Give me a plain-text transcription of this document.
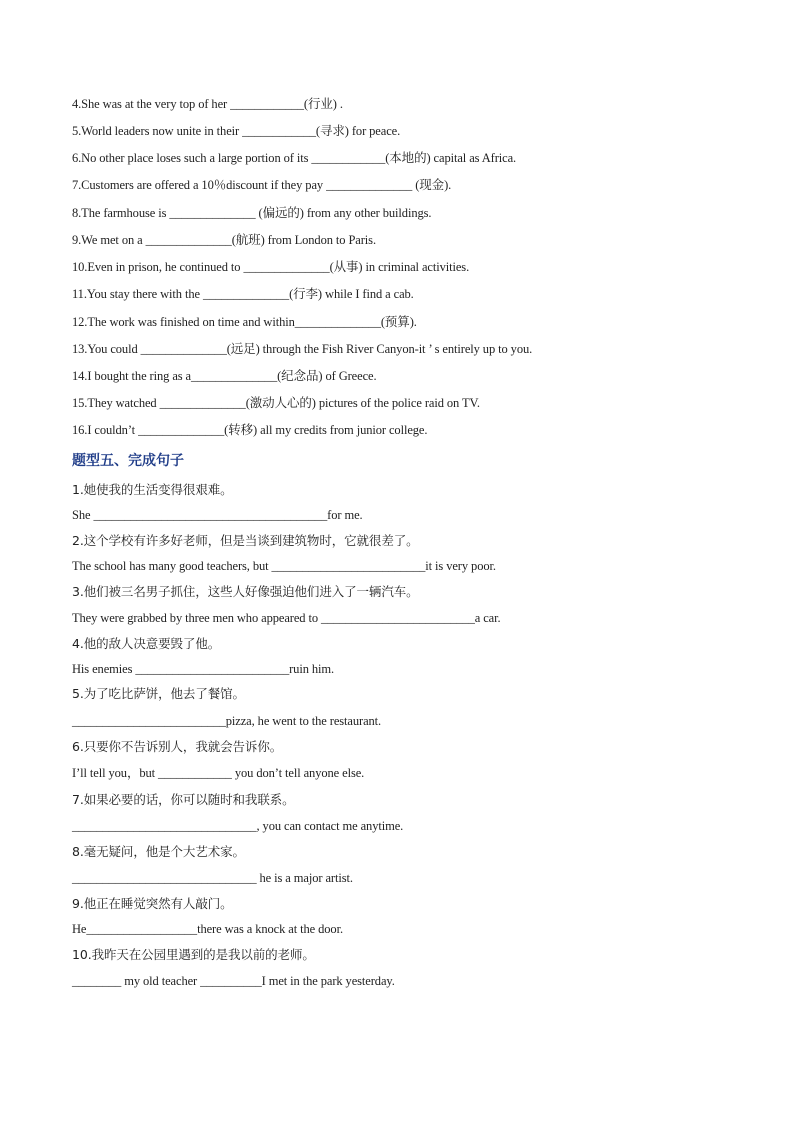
4.She was at the very top of her ____________(行业) .
5.World leaders now unite in their ____________(寻求) for peace.
6.No other place loses such a large portion of its ____________(本地的) capital as Africa.
7.Customers are offered a 10％discount if they pay ______________ (现金).
8.The farmhouse is ______________ (偏远的) from any other buildings.
9.We met on a ______________(航班) from London to Paris.
10.Even in prison, he continued to ______________(从事) in criminal activities.
11.You stay there with the ______________(行李) while I find a cab.
12.The work was finished on time and within______________(预算).
13.You could ______________(远足) through the Fish River Canyon-it ’ s entirely up to you.
14.I bought the ring as a______________(纪念品) of Greece.
15.They watched ______________(激动人心的) pictures of the police raid on TV.
16.I couldn’t ______________(转移) all my credits from junior college.
题型五、完成句子
1.她使我的生活变得很艰难。
She ______________________________________for me.
2.这个学校有许多好老师，但是当谈到建筑物时，它就很差了。
The school has many good teachers, but _________________________it is very poor.
3.他们被三名男子抓住，这些人好像强迫他们进入了一辆汽车。
They were grabbed by three men who appeared to _________________________a car.
4.他的敌人决意要毁了他。
His enemies _________________________ruin him.
5.为了吃比萨饼，他去了餐馆。
_________________________pizza, he went to the restaurant.
6.只要你不告诉别人，我就会告诉你。
I’ll tell you，but ____________ you don’t tell anyone else.
7.如果必要的话，你可以随时和我联系。
______________________________, you can contact me anytime.
8.毫无疑问，他是个大艺术家。
______________________________ he is a major artist.
9.他正在睡觉突然有人敲门。
He__________________there was a knock at the door.
10.我昨天在公园里遇到的是我以前的老师。
________ my old teacher __________I met in the park yesterday.
